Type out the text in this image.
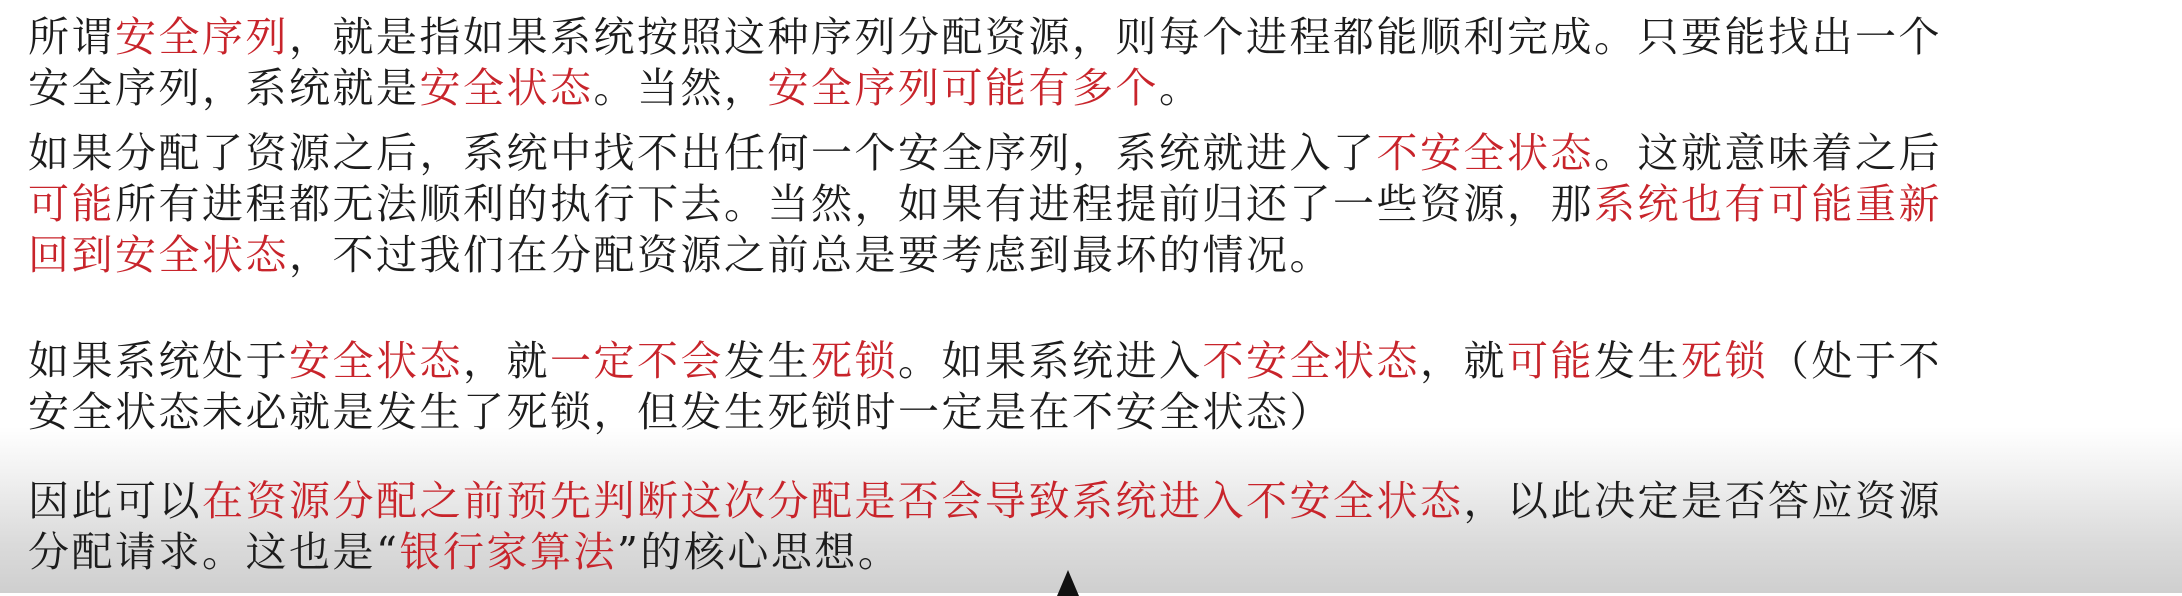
所谓安全序列，就是指如果系统按照这种序列分配资源，则每个进程都能顺利完成。只要能找出一个
安全序列，系统就是安全状态。当然，安全序列可能有多个。

如果分配了资源之后，系统中找不出任何一个安全序列，系统就进入了不安全状态。这就意味着之后
可能所有进程都无法顺利的执行下去。当然，如果有进程提前归还了一些资源，那系统也有可能重新
回到安全状态，不过我们在分配资源之前总是要考虑到最坏的情况。

如果系统处于安全状态，就一定不会发生死锁。如果系统进入不安全状态，就可能发生死锁（处于不
安全状态未必就是发生了死锁，但发生死锁时一定是在不安全状态）

因此可以在资源分配之前预先判断这次分配是否会导致系统进入不安全状态，以此决定是否答应资源
分配请求。这也是“银行家算法”的核心思想。
